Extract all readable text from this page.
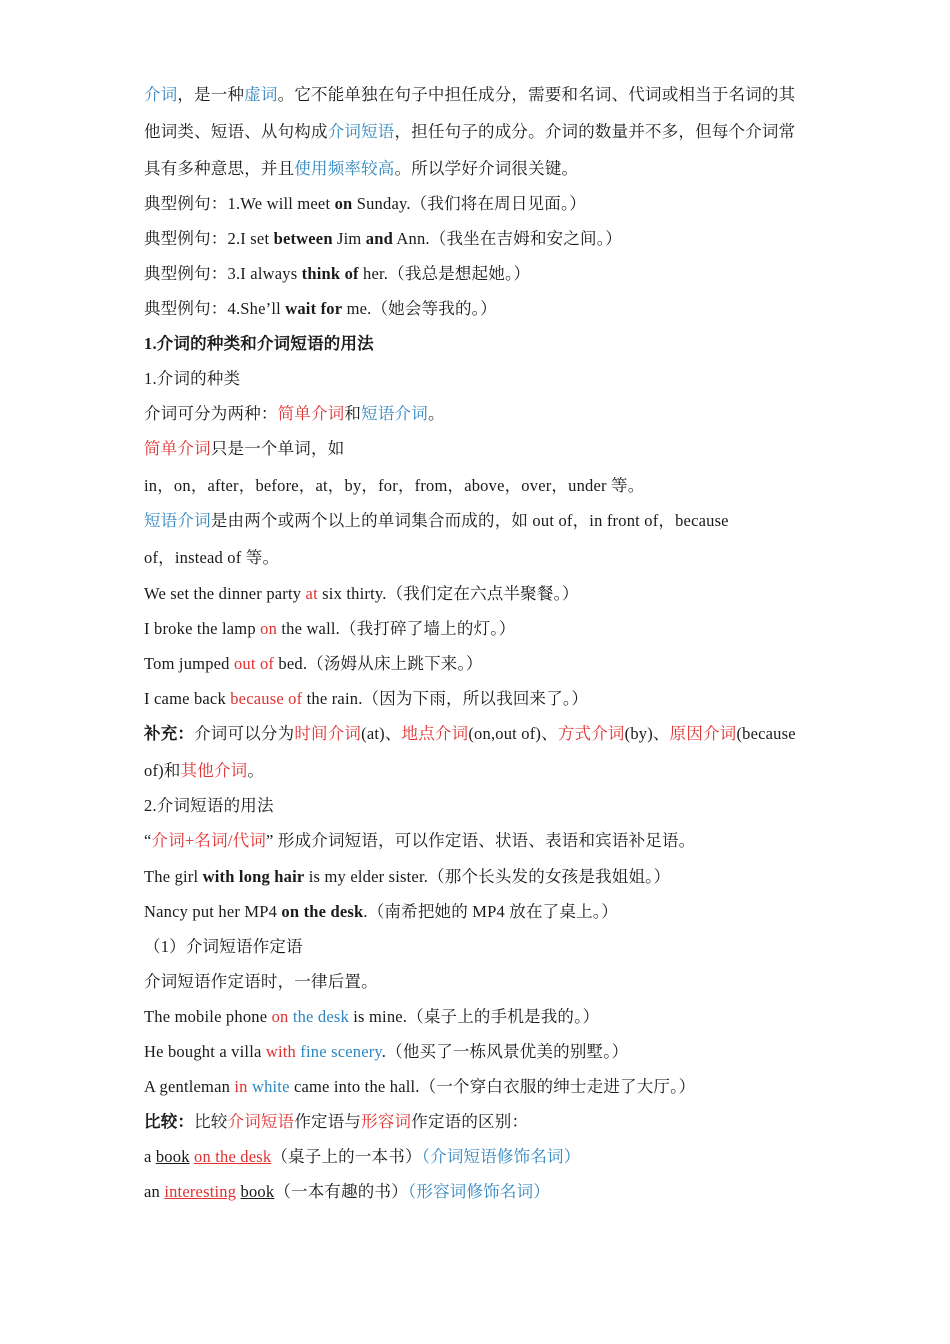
介词，是一种虚词。它不能单独在句子中担任成分，需要和名词、代词或相当于名词的其
他词类、短语、从句构成介词短语，担任句子的成分。介词的数量并不多，但每个介词常
具有多种意思，并且使用频率较高。所以学好介词很关键。
典型例句：1.We will meet on Sunday.（我们将在周日见面。）
典型例句：2.I set between Jim and Ann.（我坐在吉姆和安之间。）
典型例句：3.I always think of her.（我总是想起她。）
典型例句：4.She’ll wait for me.（她会等我的。）
1.介词的种类和介词短语的用法
1.介词的种类
介词可分为两种：简单介词和短语介词。
简单介词只是一个单词，如
in，on，after，before，at，by，for，from，above，over，under 等。
短语介词是由两个或两个以上的单词集合而成的，如 out of，in front of，because
of，instead of 等。
We set the dinner party at six thirty.（我们定在六点半聚餐。）
I broke the lamp on the wall.（我打碎了墙上的灯。）
Tom jumped out of bed.（汤姆从床上跳下来。）
I came back because of the rain.（因为下雨，所以我回来了。）
补充：介词可以分为时间介词(at)、地点介词(on,out of)、方式介词(by)、原因介词(because
of)和其他介词。
2.介词短语的用法
“介词+名词/代词” 形成介词短语，可以作定语、状语、表语和宾语补足语。
The girl with long hair is my elder sister.（那个长头发的女孩是我姐姐。）
Nancy put her MP4 on the desk.（南希把她的 MP4 放在了桌上。）
（1）介词短语作定语
介词短语作定语时，一律后置。
The mobile phone on the desk is mine.（桌子上的手机是我的。）
He bought a villa with fine scenery.（他买了一栋风景优美的别墅。）
A gentleman in white came into the hall.（一个穿白衣服的绅士走进了大厅。）
比较：比较介词短语作定语与形容词作定语的区别：
a book on the desk（桌子上的一本书）（介词短语修饰名词）
an interesting book（一本有趣的书）（形容词修饰名词）
